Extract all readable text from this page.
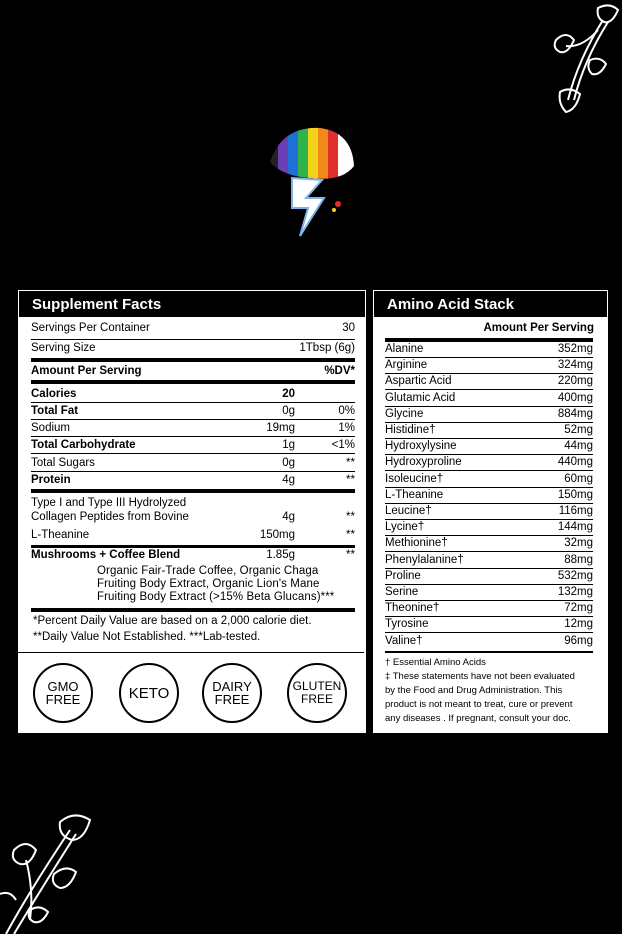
Supplement Facts
Servings Per Container	30
Serving Size	1Tbsp (6g)
Amount Per Serving	%DV*
Calories	20
Total Fat	0g	0%
Sodium	19mg	1%
Total Carbohydrate	1g	<1%
Total Sugars	0g	**
Protein	4g	**
Type I and Type III Hydrolyzed
Collagen Peptides from Bovine	4g	**
L-Theanine	150mg	**
Mushrooms + Coffee Blend	1.85g	**
Organic Fair-Trade Coffee, Organic Chaga
Fruiting Body Extract, Organic Lion's Mane
Fruiting Body Extract (>15% Beta Glucans)***
*Percent Daily Value are based on a 2,000 calorie diet.
**Daily Value Not Established. ***Lab-tested.
GMO
FREE	KETO	DAIRY
FREE
GLUTEN
FREE
Amino Acid Stack
Amount Per Serving
Alanine	352mg
Arginine	324mg
Aspartic Acid	220mg
Glutamic Acid	400mg
Glycine	884mg
Histidine†	52mg
Hydroxylysine	44mg
Hydroxyproline	440mg
Isoleucine†	60mg
L-Theanine	150mg
Leucine†	116mg
Lycine†	144mg
Methionine†	32mg
Phenylalanine†	88mg
Proline	532mg
Serine	132mg
Theonine†	72mg
Tyrosine	12mg
Valine†	96mg
† Essential Amino Acids
‡ These statements have not been evaluated
by the Food and Drug Administration. This
product is not meant to treat, cure or prevent
any diseases . If pregnant, consult your doc.
